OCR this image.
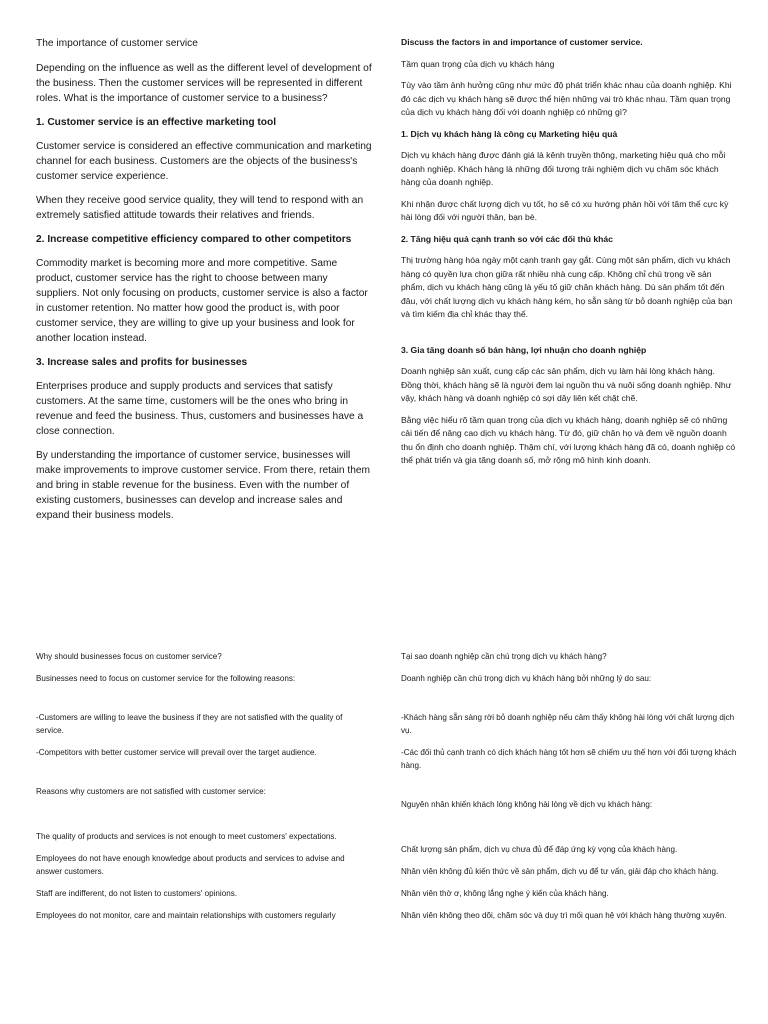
The importance of customer service

Depending on the influence as well as the different level of development of the business. Then the customer services will be represented in different roles. What is the importance of customer service to a business?

1. Customer service is an effective marketing tool

Customer service is considered an effective communication and marketing channel for each business. Customers are the objects of the business's customer service experience.

When they receive good service quality, they will tend to respond with an extremely satisfied attitude towards their relatives and friends.

2. Increase competitive efficiency compared to other competitors

Commodity market is becoming more and more competitive. Same product, customer service has the right to choose between many suppliers. Not only focusing on products, customer service is also a factor in customer retention. No matter how good the product is, with poor customer service, they are willing to give up your business and look for another location instead.

3. Increase sales and profits for businesses

Enterprises produce and supply products and services that satisfy customers. At the same time, customers will be the ones who bring in revenue and feed the business. Thus, customers and businesses have a close connection.

By understanding the importance of customer service, businesses will make improvements to improve customer service. From there, retain them and bring in stable revenue for the business. Even with the number of existing customers, businesses can develop and increase sales and expand their business models.

Discuss the factors in and importance of customer service.

Tầm quan trọng của dịch vụ khách hàng

Tùy vào tầm ảnh hưởng cũng như mức độ phát triển khác nhau của doanh nghiệp. Khi đó các dịch vụ khách hàng sẽ được thể hiện những vai trò khác nhau. Tầm quan trọng của dịch vụ khách hàng đối với doanh nghiệp có những gì?

1. Dịch vụ khách hàng là công cụ Marketing hiệu quả

Dịch vụ khách hàng được đánh giá là kênh truyền thông, marketing hiệu quả cho mỗi doanh nghiệp. Khách hàng là những đối tượng trải nghiệm dịch vụ chăm sóc khách hàng của doanh nghiệp.

Khi nhận được chất lượng dịch vụ tốt, họ sẽ có xu hướng phản hồi với tâm thế cực kỳ hài lòng đối với người thân, bạn bè.

2. Tăng hiệu quả cạnh tranh so với các đối thủ khác

Thị trường hàng hóa ngày một cạnh tranh gay gắt. Cùng một sản phẩm, dịch vụ khách hàng có quyền lựa chọn giữa rất nhiều nhà cung cấp. Không chỉ chú trọng về sản phẩm, dịch vụ khách hàng cũng là yếu tố giữ chân khách hàng. Dù sản phẩm tốt đến đâu, với chất lượng dịch vụ khách hàng kém, họ sẵn sàng từ bỏ doanh nghiệp của bạn và tìm kiếm địa chỉ khác thay thế.

3. Gia tăng doanh số bán hàng, lợi nhuận cho doanh nghiệp

Doanh nghiệp sản xuất, cung cấp các sản phẩm, dịch vụ làm hài lòng khách hàng. Đồng thời, khách hàng sẽ là người đem lại nguồn thu và nuôi sống doanh nghiệp. Như vậy, khách hàng và doanh nghiệp có sợi dây liên kết chặt chẽ.

Bằng việc hiểu rõ tầm quan trọng của dịch vụ khách hàng, doanh nghiệp sẽ có những cải tiến để nâng cao dịch vụ khách hàng. Từ đó, giữ chân họ và đem về nguồn doanh thu ổn định cho doanh nghiệp. Thậm chí, với lượng khách hàng đã có, doanh nghiệp có thể phát triển và gia tăng doanh số, mở rộng mô hình kinh doanh.

Why should businesses focus on customer service?

Businesses need to focus on customer service for the following reasons:

-Customers are willing to leave the business if they are not satisfied with the quality of service.

-Competitors with better customer service will prevail over the target audience.

Reasons why customers are not satisfied with customer service:

The quality of products and services is not enough to meet customers' expectations.

Employees do not have enough knowledge about products and services to advise and answer customers.

Staff are indifferent, do not listen to customers' opinions.

Employees do not monitor, care and maintain relationships with customers regularly

Tại sao doanh nghiệp cần chú trọng dịch vụ khách hàng?

Doanh nghiệp cần chú trọng dịch vụ khách hàng bởi những lý do sau:

-Khách hàng sẵn sàng rời bỏ doanh nghiệp nếu cảm thấy không hài lòng với chất lượng dịch vụ.

-Các đối thủ cạnh tranh có dịch khách hàng tốt hơn sẽ chiếm ưu thế hơn với đối tượng khách hàng.

Nguyên nhân khiến khách lòng không hài lòng về dịch vụ khách hàng:

Chất lượng sản phẩm, dịch vụ chưa đủ để đáp ứng kỳ vọng của khách hàng.

Nhân viên không đủ kiến thức về sản phẩm, dịch vụ để tư vấn, giải đáp cho khách hàng.

Nhân viên thờ ơ, không lắng nghe ý kiến của khách hàng.

Nhân viên không theo dõi, chăm sóc và duy trì mối quan hệ với khách hàng thường xuyên.
